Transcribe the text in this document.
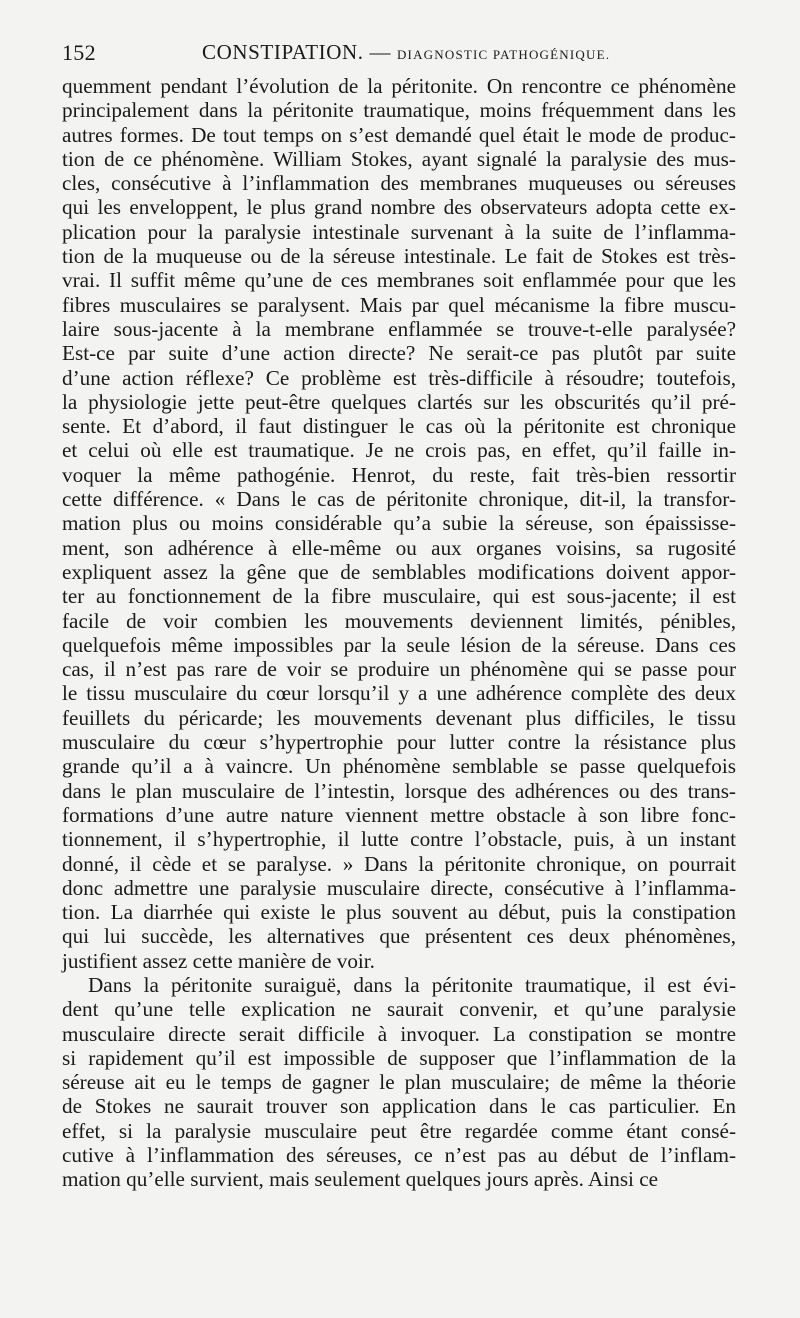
152	CONSTIPATION. — DIAGNOSTIC PATHOGÉNIQUE.

quemment pendant l’évolution de la péritonite. On rencontre ce phénomène
principalement dans la péritonite traumatique, moins fréquemment dans les
autres formes. De tout temps on s’est demandé quel était le mode de produc-
tion de ce phénomène. William Stokes, ayant signalé la paralysie des mus-
cles, consécutive à l’inflammation des membranes muqueuses ou séreuses
qui les enveloppent, le plus grand nombre des observateurs adopta cette ex-
plication pour la paralysie intestinale survenant à la suite de l’inflamma-
tion de la muqueuse ou de la séreuse intestinale. Le fait de Stokes est très-
vrai. Il suffit même qu’une de ces membranes soit enflammée pour que les
fibres musculaires se paralysent. Mais par quel mécanisme la fibre muscu-
laire sous-jacente à la membrane enflammée se trouve-t-elle paralysée?
Est-ce par suite d’une action directe? Ne serait-ce pas plutôt par suite
d’une action réflexe? Ce problème est très-difficile à résoudre; toutefois,
la physiologie jette peut-être quelques clartés sur les obscurités qu’il pré-
sente. Et d’abord, il faut distinguer le cas où la péritonite est chronique
et celui où elle est traumatique. Je ne crois pas, en effet, qu’il faille in-
voquer la même pathogénie. Henrot, du reste, fait très-bien ressortir
cette différence. « Dans le cas de péritonite chronique, dit-il, la transfor-
mation plus ou moins considérable qu’a subie la séreuse, son épaississe-
ment, son adhérence à elle-même ou aux organes voisins, sa rugosité
expliquent assez la gêne que de semblables modifications doivent appor-
ter au fonctionnement de la fibre musculaire, qui est sous-jacente; il est
facile de voir combien les mouvements deviennent limités, pénibles,
quelquefois même impossibles par la seule lésion de la séreuse. Dans ces
cas, il n’est pas rare de voir se produire un phénomène qui se passe pour
le tissu musculaire du cœur lorsqu’il y a une adhérence complète des deux
feuillets du péricarde; les mouvements devenant plus difficiles, le tissu
musculaire du cœur s’hypertrophie pour lutter contre la résistance plus
grande qu’il a à vaincre. Un phénomène semblable se passe quelquefois
dans le plan musculaire de l’intestin, lorsque des adhérences ou des trans-
formations d’une autre nature viennent mettre obstacle à son libre fonc-
tionnement, il s’hypertrophie, il lutte contre l’obstacle, puis, à un instant
donné, il cède et se paralyse. » Dans la péritonite chronique, on pourrait
donc admettre une paralysie musculaire directe, consécutive à l’inflamma-
tion. La diarrhée qui existe le plus souvent au début, puis la constipation
qui lui succède, les alternatives que présentent ces deux phénomènes,
justifient assez cette manière de voir.

Dans la péritonite suraiguë, dans la péritonite traumatique, il est évi-
dent qu’une telle explication ne saurait convenir, et qu’une paralysie
musculaire directe serait difficile à invoquer. La constipation se montre
si rapidement qu’il est impossible de supposer que l’inflammation de la
séreuse ait eu le temps de gagner le plan musculaire; de même la théorie
de Stokes ne saurait trouver son application dans le cas particulier. En
effet, si la paralysie musculaire peut être regardée comme étant consé-
cutive à l’inflammation des séreuses, ce n’est pas au début de l’inflam-
mation qu’elle survient, mais seulement quelques jours après. Ainsi ce
